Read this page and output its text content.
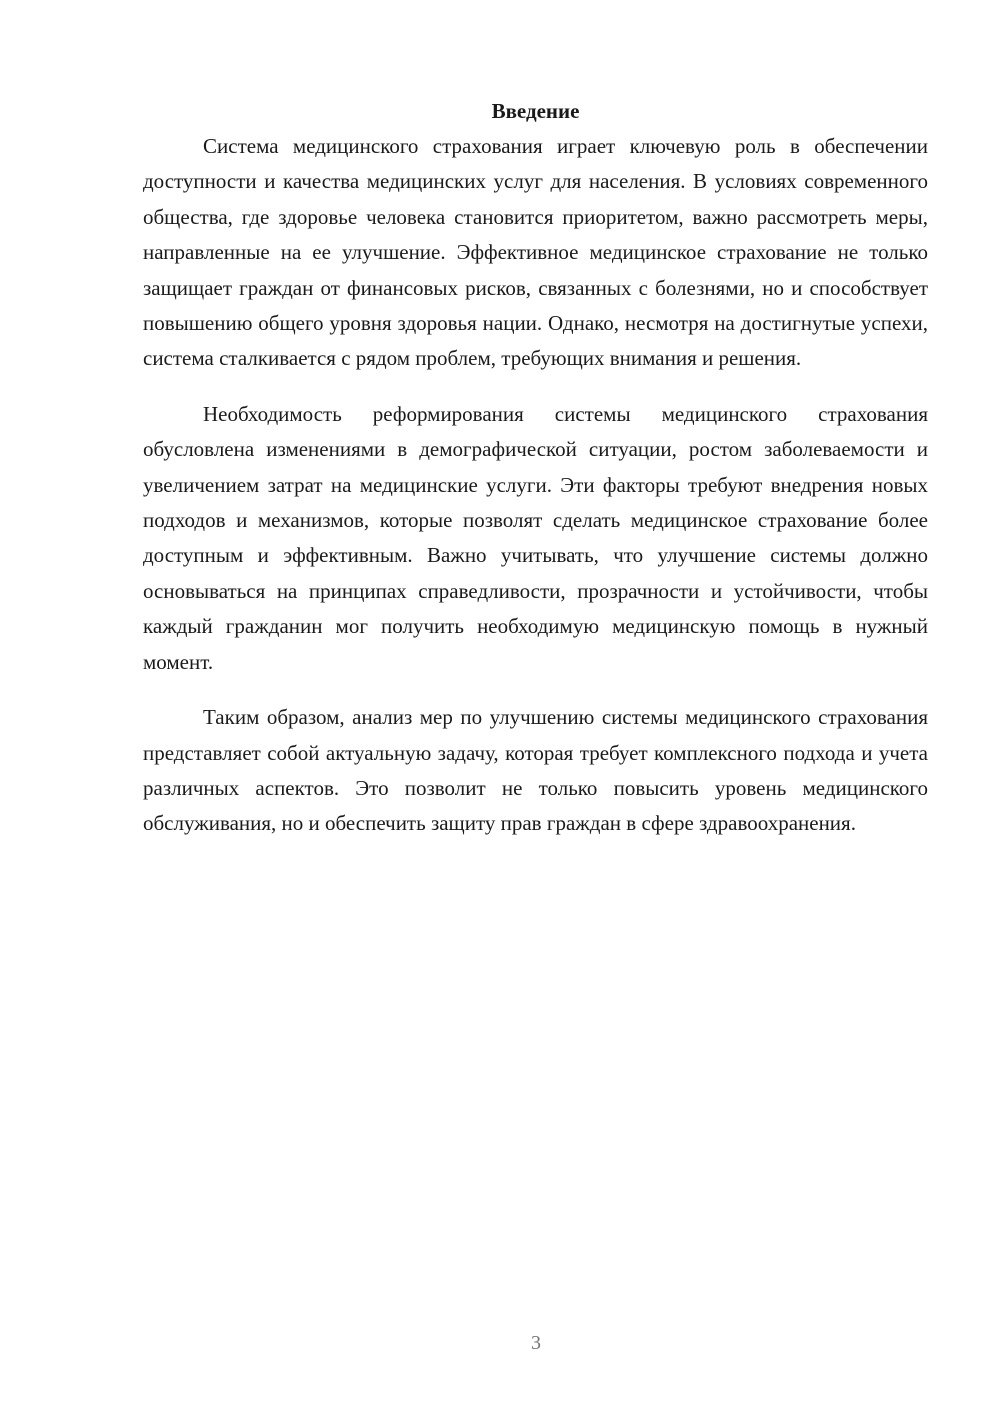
Введение

Система медицинского страхования играет ключевую роль в обеспечении доступности и качества медицинских услуг для населения. В условиях современного общества, где здоровье человека становится приоритетом, важно рассмотреть меры, направленные на ее улучшение. Эффективное медицинское страхование не только защищает граждан от финансовых рисков, связанных с болезнями, но и способствует повышению общего уровня здоровья нации. Однако, несмотря на достигнутые успехи, система сталкивается с рядом проблем, требующих внимания и решения.

Необходимость реформирования системы медицинского страхования обусловлена изменениями в демографической ситуации, ростом заболеваемости и увеличением затрат на медицинские услуги. Эти факторы требуют внедрения новых подходов и механизмов, которые позволят сделать медицинское страхование более доступным и эффективным. Важно учитывать, что улучшение системы должно основываться на принципах справедливости, прозрачности и устойчивости, чтобы каждый гражданин мог получить необходимую медицинскую помощь в нужный момент.

Таким образом, анализ мер по улучшению системы медицинского страхования представляет собой актуальную задачу, которая требует комплексного подхода и учета различных аспектов. Это позволит не только повысить уровень медицинского обслуживания, но и обеспечить защиту прав граждан в сфере здравоохранения.

3
